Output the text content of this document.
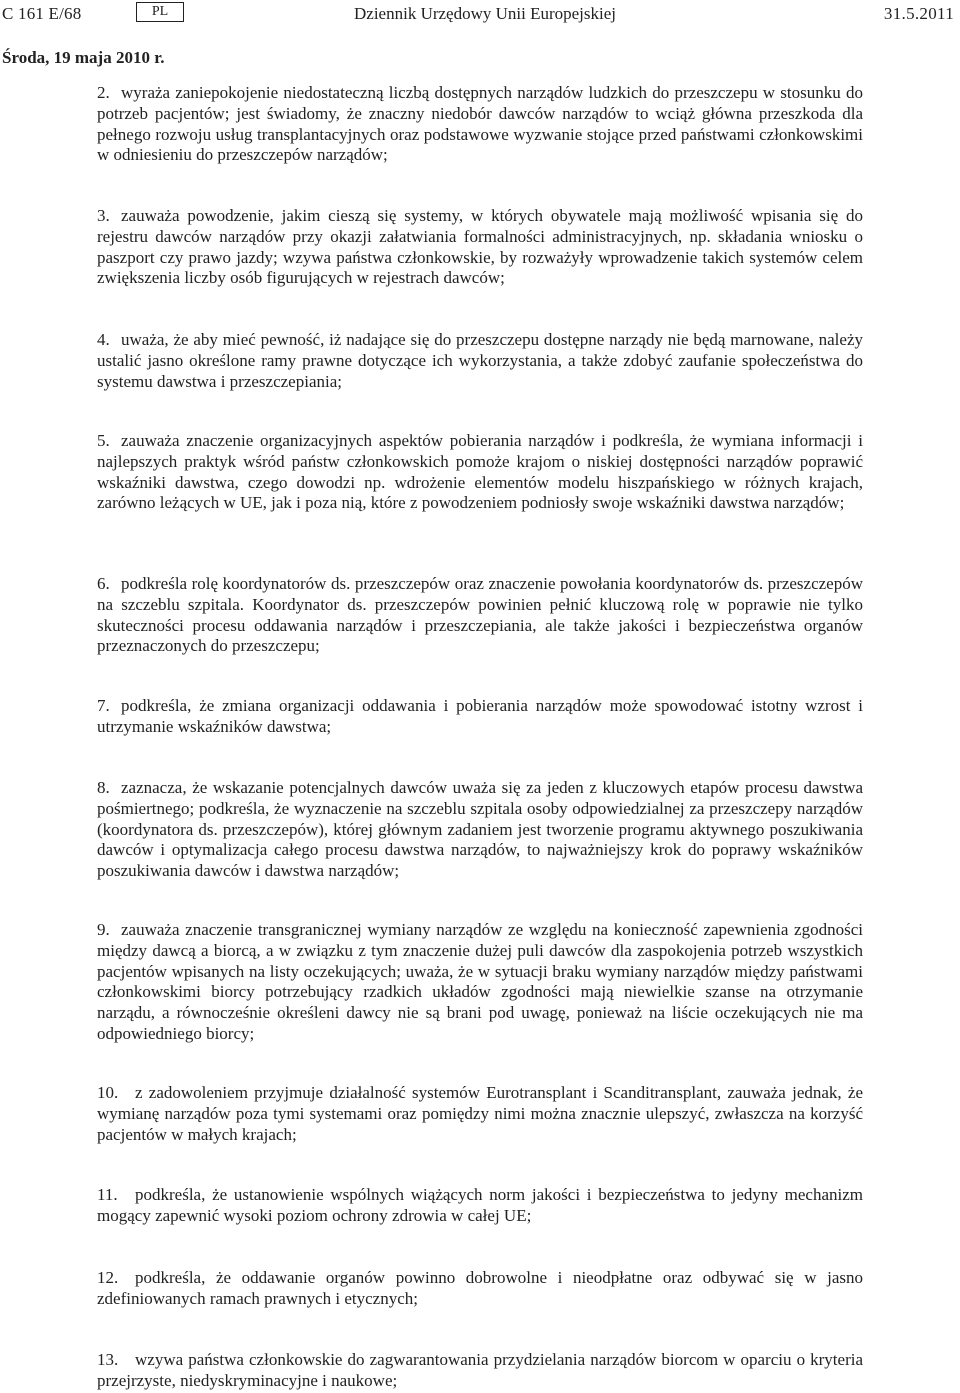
C 161 E/68	PL	Dziennik Urzędowy Unii Europejskiej	31.5.2011
Środa, 19 maja 2010 r.

2. wyraża zaniepokojenie niedostateczną liczbą dostępnych narządów ludzkich do przeszczepu w stosunku do potrzeb pacjentów; jest świadomy, że znaczny niedobór dawców narządów to wciąż główna przeszkoda dla pełnego rozwoju usług transplantacyjnych oraz podstawowe wyzwanie stojące przed państwami członkowskimi w odniesieniu do przeszczepów narządów;

3. zauważa powodzenie, jakim cieszą się systemy, w których obywatele mają możliwość wpisania się do rejestru dawców narządów przy okazji załatwiania formalności administracyjnych, np. składania wniosku o paszport czy prawo jazdy; wzywa państwa członkowskie, by rozważyły wprowadzenie takich systemów celem zwiększenia liczby osób figurujących w rejestrach dawców;

4. uważa, że aby mieć pewność, iż nadające się do przeszczepu dostępne narządy nie będą marnowane, należy ustalić jasno określone ramy prawne dotyczące ich wykorzystania, a także zdobyć zaufanie społeczeństwa do systemu dawstwa i przeszczepiania;

5. zauważa znaczenie organizacyjnych aspektów pobierania narządów i podkreśla, że wymiana informacji i najlepszych praktyk wśród państw członkowskich pomoże krajom o niskiej dostępności narządów poprawić wskaźniki dawstwa, czego dowodzi np. wdrożenie elementów modelu hiszpańskiego w różnych krajach, zarówno leżących w UE, jak i poza nią, które z powodzeniem podniosły swoje wskaźniki dawstwa narządów;

6. podkreśla rolę koordynatorów ds. przeszczepów oraz znaczenie powołania koordynatorów ds. przeszczepów na szczeblu szpitala. Koordynator ds. przeszczepów powinien pełnić kluczową rolę w poprawie nie tylko skuteczności procesu oddawania narządów i przeszczepiania, ale także jakości i bezpieczeństwa organów przeznaczonych do przeszczepu;

7. podkreśla, że zmiana organizacji oddawania i pobierania narządów może spowodować istotny wzrost i utrzymanie wskaźników dawstwa;

8. zaznacza, że wskazanie potencjalnych dawców uważa się za jeden z kluczowych etapów procesu dawstwa pośmiertnego; podkreśla, że wyznaczenie na szczeblu szpitala osoby odpowiedzialnej za przeszczepy narządów (koordynatora ds. przeszczepów), której głównym zadaniem jest tworzenie programu aktywnego poszukiwania dawców i optymalizacja całego procesu dawstwa narządów, to najważniejszy krok do poprawy wskaźników poszukiwania dawców i dawstwa narządów;

9. zauważa znaczenie transgranicznej wymiany narządów ze względu na konieczność zapewnienia zgodności między dawcą a biorcą, a w związku z tym znaczenie dużej puli dawców dla zaspokojenia potrzeb wszystkich pacjentów wpisanych na listy oczekujących; uważa, że w sytuacji braku wymiany narządów między państwami członkowskimi biorcy potrzebujący rzadkich układów zgodności mają niewielkie szanse na otrzymanie narządu, a równocześnie określeni dawcy nie są brani pod uwagę, ponieważ na liście oczekujących nie ma odpowiedniego biorcy;

10. z zadowoleniem przyjmuje działalność systemów Eurotransplant i Scanditransplant, zauważa jednak, że wymianę narządów poza tymi systemami oraz pomiędzy nimi można znacznie ulepszyć, zwłaszcza na korzyść pacjentów w małych krajach;

11. podkreśla, że ustanowienie wspólnych wiążących norm jakości i bezpieczeństwa to jedyny mechanizm mogący zapewnić wysoki poziom ochrony zdrowia w całej UE;

12. podkreśla, że oddawanie organów powinno dobrowolne i nieodpłatne oraz odbywać się w jasno zdefiniowanych ramach prawnych i etycznych;

13. wzywa państwa członkowskie do zagwarantowania przydzielania narządów biorcom w oparciu o kryteria przejrzyste, niedyskryminacyjne i naukowe;
